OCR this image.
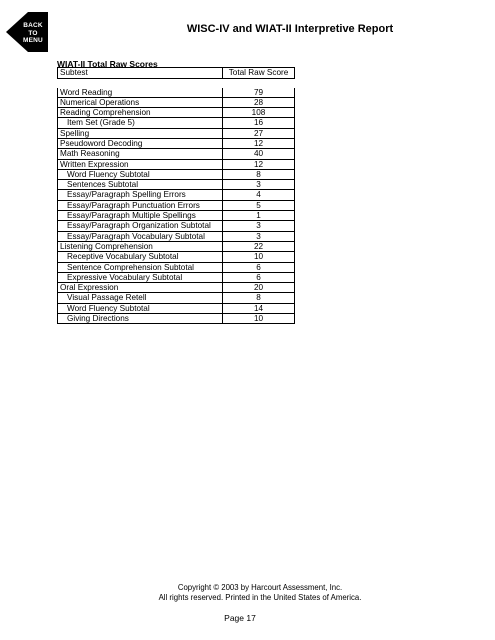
BACK
TO
MENU
WISC-IV and WIAT-II Interpretive Report
WIAT-II Total Raw Scores
Subtest	Total Raw Score

Word Reading	79
Numerical Operations	28
Reading Comprehension	108
Item Set (Grade 5)	16
Spelling	27
Pseudoword Decoding	12
Math Reasoning	40
Written Expression	12
Word Fluency Subtotal	8
Sentences Subtotal	3
Essay/Paragraph Spelling Errors	4
Essay/Paragraph Punctuation Errors	5
Essay/Paragraph Multiple Spellings	1
Essay/Paragraph Organization Subtotal	3
Essay/Paragraph Vocabulary Subtotal	3
Listening Comprehension	22
Receptive Vocabulary Subtotal	10
Sentence Comprehension Subtotal	6
Expressive Vocabulary Subtotal	6
Oral Expression	20
Visual Passage Retell	8
Word Fluency Subtotal	14
Giving Directions	10
Copyright © 2003 by Harcourt Assessment, Inc.
All rights reserved. Printed in the United States of America.
Page 17
